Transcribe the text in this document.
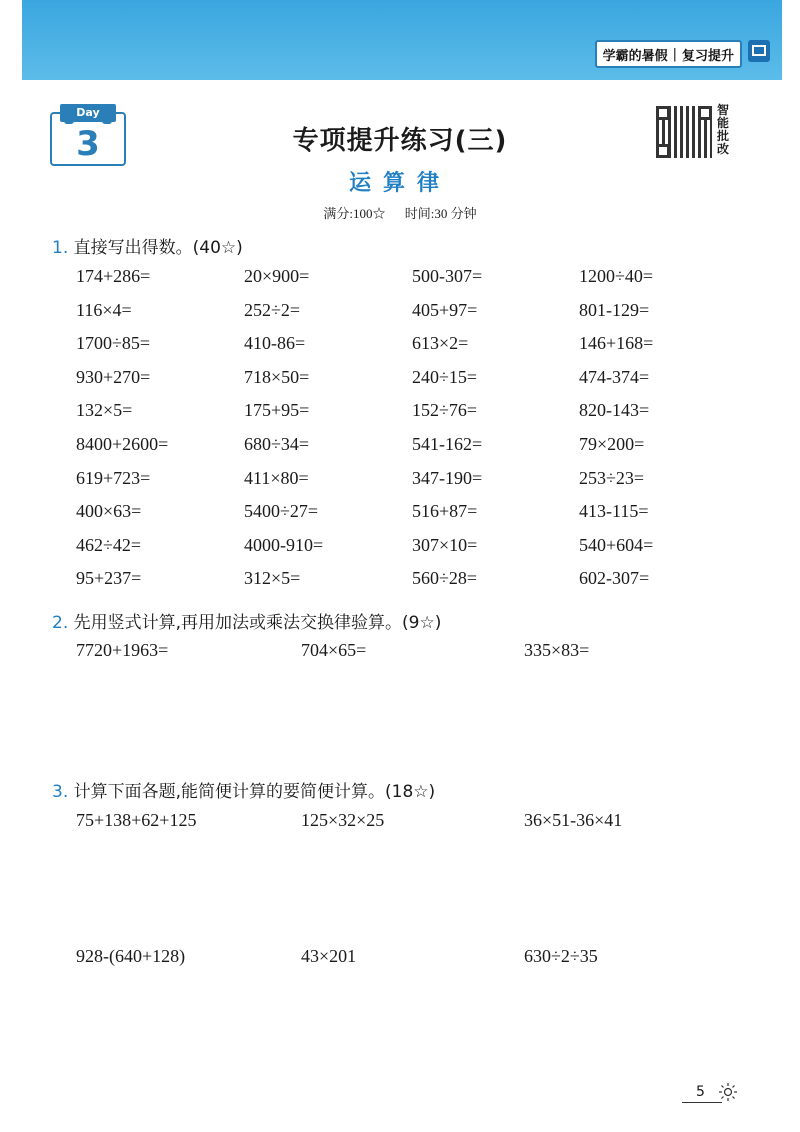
学霸的暑假 | 复习提升
Day
3	专项提升练习(三)
运算律
满分:100☆ 时间:30 分钟
智
能
批
改
1. 直接写出得数。(40☆)
174+286=	20×900=	500-307=	1200÷40=
116×4=	252÷2=	405+97=	801-129=
1700÷85=	410-86=	613×2=	146+168=
930+270=	718×50=	240÷15=	474-374=
132×5=	175+95=	152÷76=	820-143=
8400+2600=	680÷34=	541-162=	79×200=
619+723=	411×80=	347-190=	253÷23=
400×63=	5400÷27=	516+87=	413-115=
462÷42=	4000-910=	307×10=	540+604=
95+237=	312×5=	560÷28=	602-307=
2. 先用竖式计算,再用加法或乘法交换律验算。(9☆)
7720+1963=	704×65=	335×83=
3. 计算下面各题,能简便计算的要简便计算。(18☆)
75+138+62+125	125×32×25	36×51-36×41
928-(640+128)	43×201	630÷2÷35
5
